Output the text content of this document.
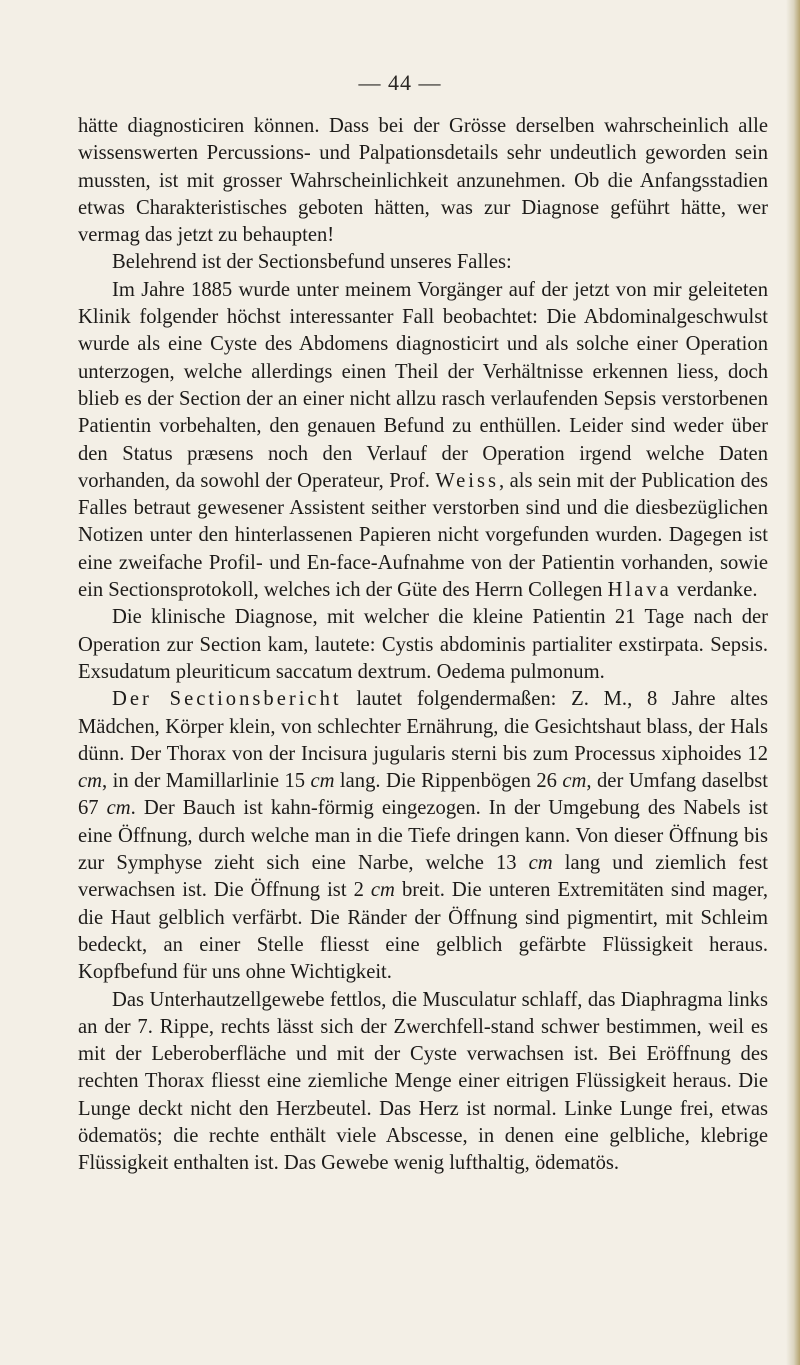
— 44 —

hätte diagnosticiren können. Dass bei der Grösse derselben wahrscheinlich alle wissenswerten Percussions- und Palpationsdetails sehr undeutlich geworden sein mussten, ist mit grosser Wahrscheinlichkeit anzunehmen. Ob die Anfangsstadien etwas Charakteristisches geboten hätten, was zur Diagnose geführt hätte, wer vermag das jetzt zu behaupten!

Belehrend ist der Sectionsbefund unseres Falles:

Im Jahre 1885 wurde unter meinem Vorgänger auf der jetzt von mir geleiteten Klinik folgender höchst interessanter Fall beobachtet: Die Abdominalgeschwulst wurde als eine Cyste des Abdomens diagnosticirt und als solche einer Operation unterzogen, welche allerdings einen Theil der Verhältnisse erkennen liess, doch blieb es der Section der an einer nicht allzu rasch verlaufenden Sepsis verstorbenen Patientin vorbehalten, den genauen Befund zu enthüllen. Leider sind weder über den Status præsens noch den Verlauf der Operation irgend welche Daten vorhanden, da sowohl der Operateur, Prof. Weiss, als sein mit der Publication des Falles betraut gewesener Assistent seither verstorben sind und die diesbezüglichen Notizen unter den hinterlassenen Papieren nicht vorgefunden wurden. Dagegen ist eine zweifache Profil- und En-face-Aufnahme von der Patientin vorhanden, sowie ein Sectionsprotokoll, welches ich der Güte des Herrn Collegen Hlava verdanke.

Die klinische Diagnose, mit welcher die kleine Patientin 21 Tage nach der Operation zur Section kam, lautete: Cystis abdominis partialiter exstirpata. Sepsis. Exsudatum pleuriticum saccatum dextrum. Oedema pulmonum.

Der Sectionsbericht lautet folgendermaßen: Z. M., 8 Jahre altes Mädchen, Körper klein, von schlechter Ernährung, die Gesichtshaut blass, der Hals dünn. Der Thorax von der Incisura jugularis sterni bis zum Processus xiphoides 12 cm, in der Mamillarlinie 15 cm lang. Die Rippenbögen 26 cm, der Umfang daselbst 67 cm. Der Bauch ist kahn-förmig eingezogen. In der Umgebung des Nabels ist eine Öffnung, durch welche man in die Tiefe dringen kann. Von dieser Öffnung bis zur Symphyse zieht sich eine Narbe, welche 13 cm lang und ziemlich fest verwachsen ist. Die Öffnung ist 2 cm breit. Die unteren Extremitäten sind mager, die Haut gelblich verfärbt. Die Ränder der Öffnung sind pigmentirt, mit Schleim bedeckt, an einer Stelle fliesst eine gelblich gefärbte Flüssigkeit heraus. Kopfbefund für uns ohne Wichtigkeit.

Das Unterhautzellgewebe fettlos, die Musculatur schlaff, das Diaphragma links an der 7. Rippe, rechts lässt sich der Zwerchfell-stand schwer bestimmen, weil es mit der Leberoberfläche und mit der Cyste verwachsen ist. Bei Eröffnung des rechten Thorax fliesst eine ziemliche Menge einer eitrigen Flüssigkeit heraus. Die Lunge deckt nicht den Herzbeutel. Das Herz ist normal. Linke Lunge frei, etwas ödematös; die rechte enthält viele Abscesse, in denen eine gelbliche, klebrige Flüssigkeit enthalten ist. Das Gewebe wenig lufthaltig, ödematös.
